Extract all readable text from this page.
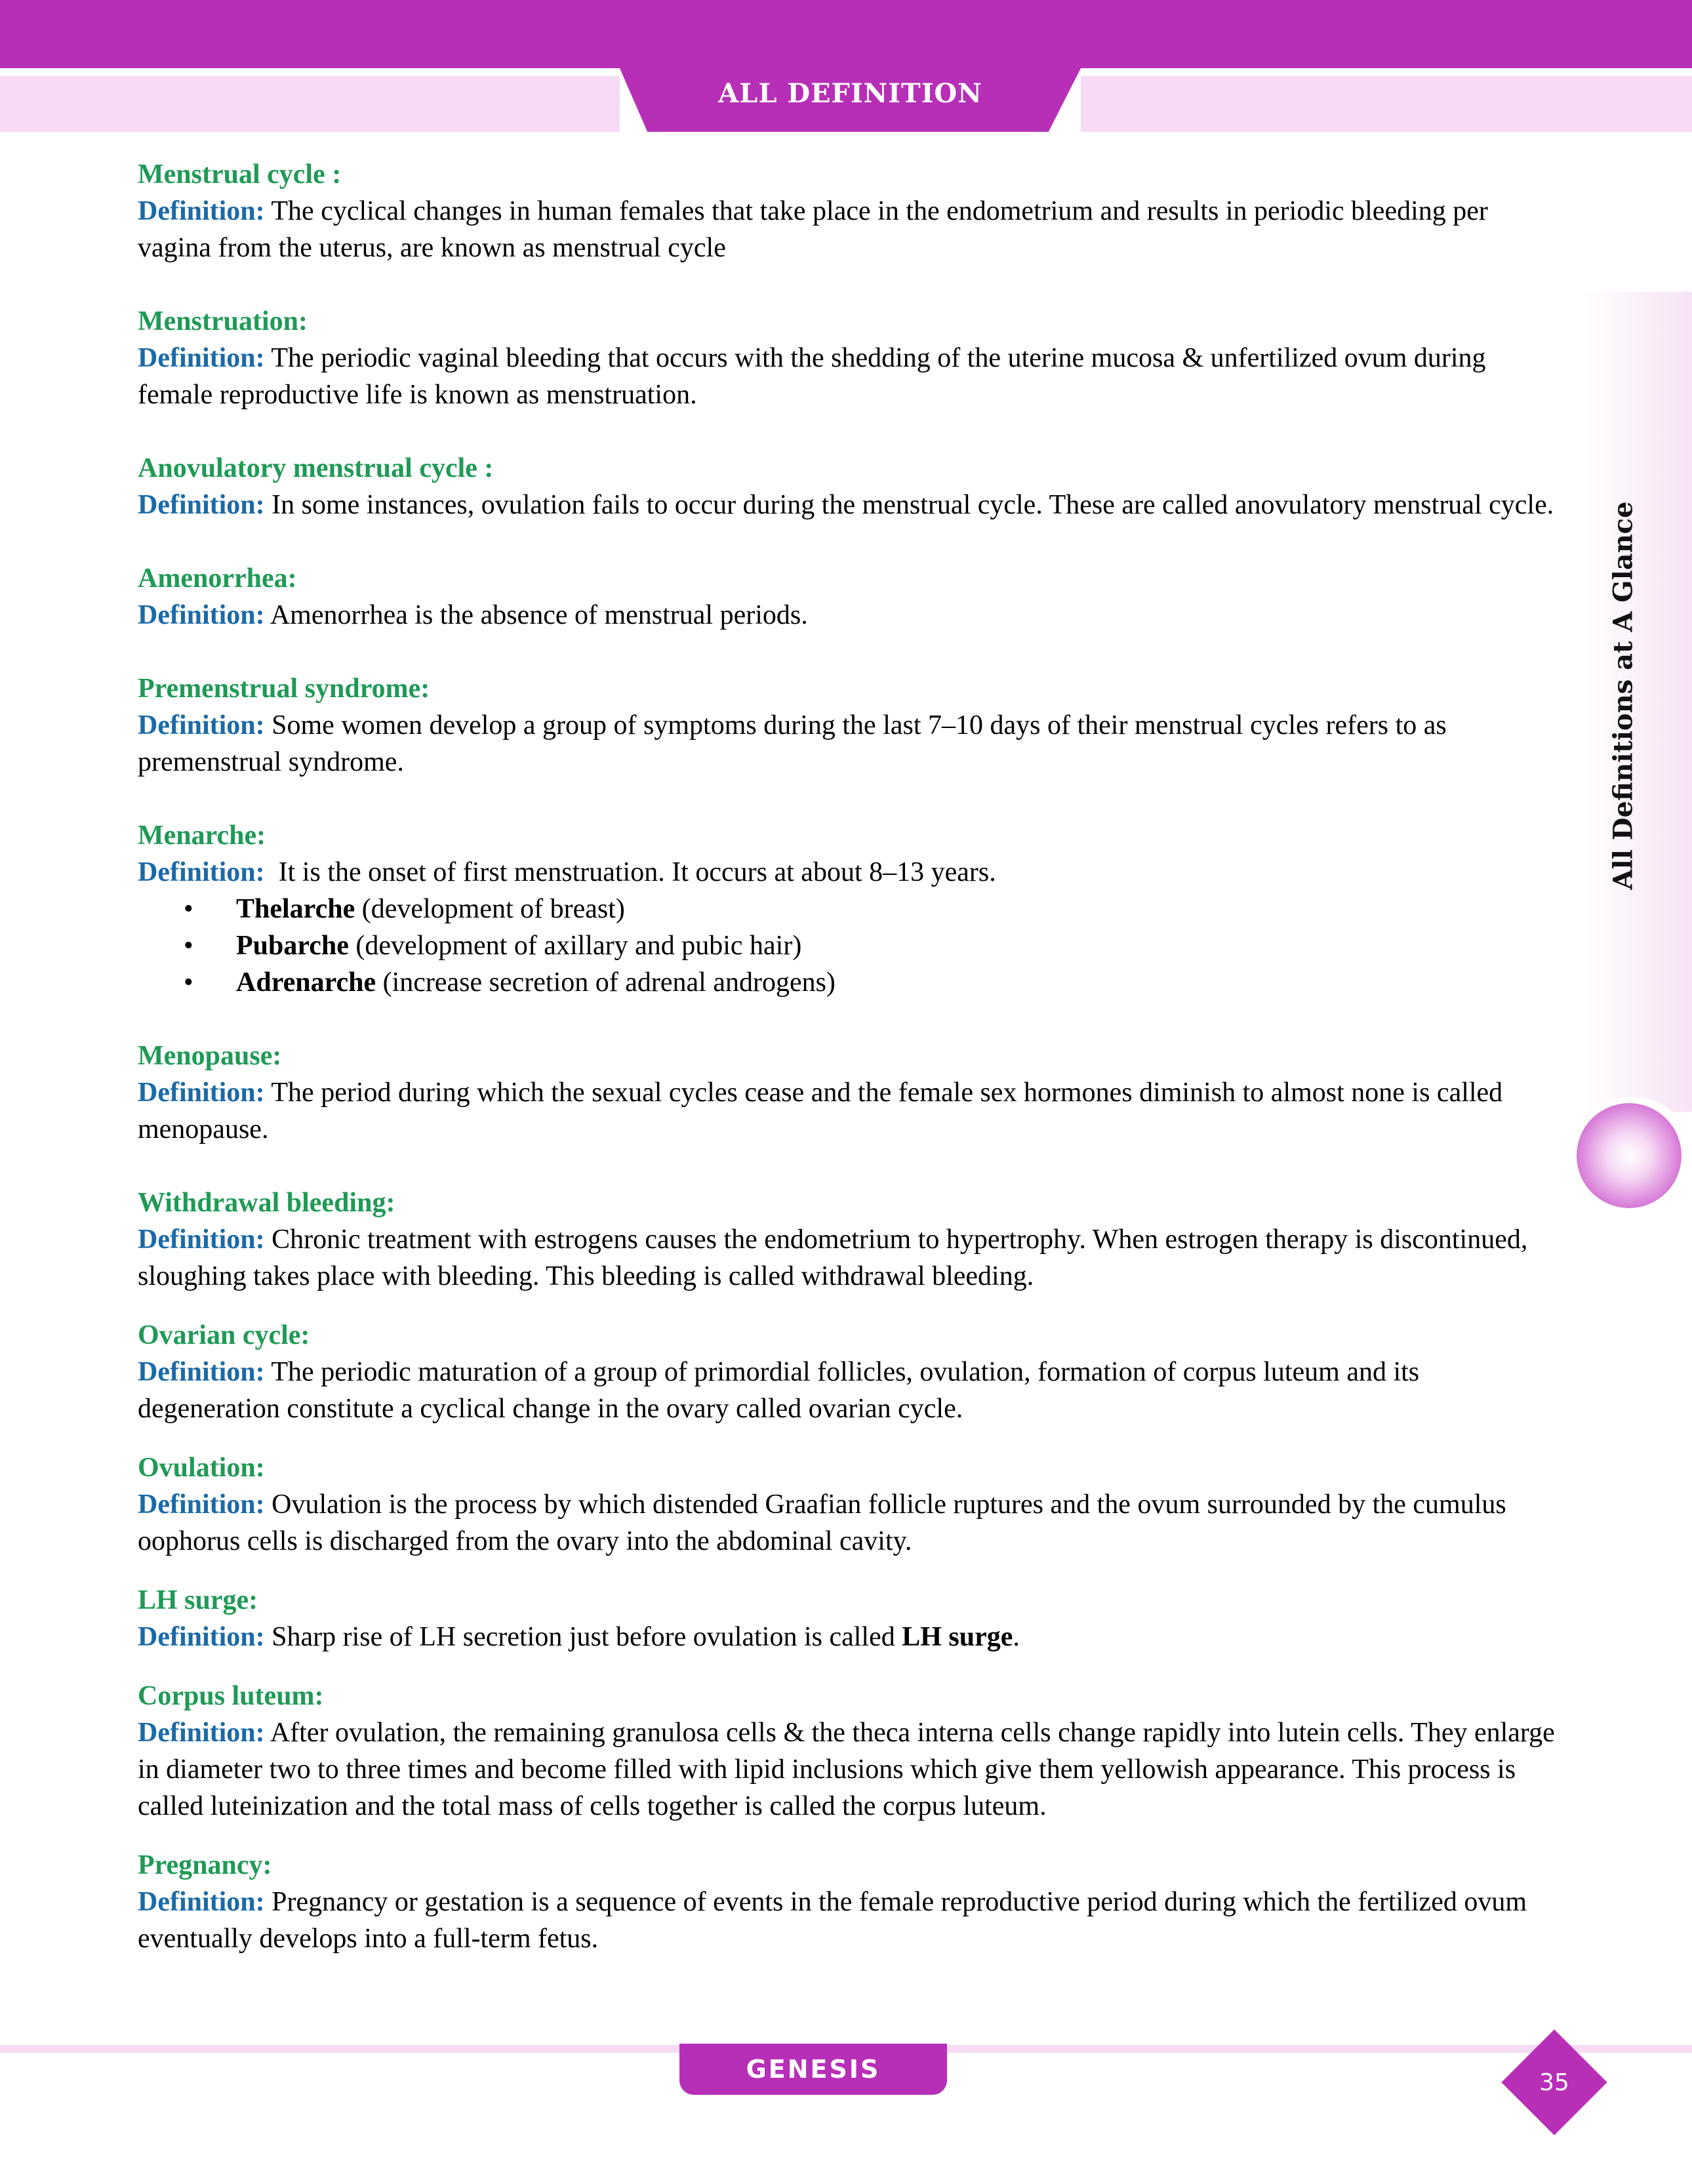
ALL DEFINITION
All Definitions at A Glance
Menstrual cycle :
Definition: The cyclical changes in human females that take place in the endometrium and results in periodic bleeding per vagina from the uterus, are known as menstrual cycle
Menstruation:
Definition: The periodic vaginal bleeding that occurs with the shedding of the uterine mucosa & unfertilized ovum during female reproductive life is known as menstruation.
Anovulatory menstrual cycle :
Definition: In some instances, ovulation fails to occur during the menstrual cycle. These are called anovulatory menstrual cycle.
Amenorrhea:
Definition: Amenorrhea is the absence of menstrual periods.
Premenstrual syndrome:
Definition: Some women develop a group of symptoms during the last 7–10 days of their menstrual cycles refers to as premenstrual syndrome.
Menarche:
Definition:  It is the onset of first menstruation. It occurs at about 8–13 years.
• Thelarche (development of breast)
• Pubarche (development of axillary and pubic hair)
• Adrenarche (increase secretion of adrenal androgens)
Menopause:
Definition: The period during which the sexual cycles cease and the female sex hormones diminish to almost none is called menopause.
Withdrawal bleeding:
Definition: Chronic treatment with estrogens causes the endometrium to hypertrophy. When estrogen therapy is discontinued, sloughing takes place with bleeding. This bleeding is called withdrawal bleeding.
Ovarian cycle:
Definition: The periodic maturation of a group of primordial follicles, ovulation, formation of corpus luteum and its degeneration constitute a cyclical change in the ovary called ovarian cycle.
Ovulation:
Definition: Ovulation is the process by which distended Graafian follicle ruptures and the ovum surrounded by the cumulus oophorus cells is discharged from the ovary into the abdominal cavity.
LH surge:
Definition: Sharp rise of LH secretion just before ovulation is called LH surge.
Corpus luteum:
Definition: After ovulation, the remaining granulosa cells & the theca interna cells change rapidly into lutein cells. They enlarge in diameter two to three times and become filled with lipid inclusions which give them yellowish appearance. This process is called luteinization and the total mass of cells together is called the corpus luteum.
Pregnancy:
Definition: Pregnancy or gestation is a sequence of events in the female reproductive period during which the fertilized ovum eventually develops into a full-term fetus.
GENESIS	35
